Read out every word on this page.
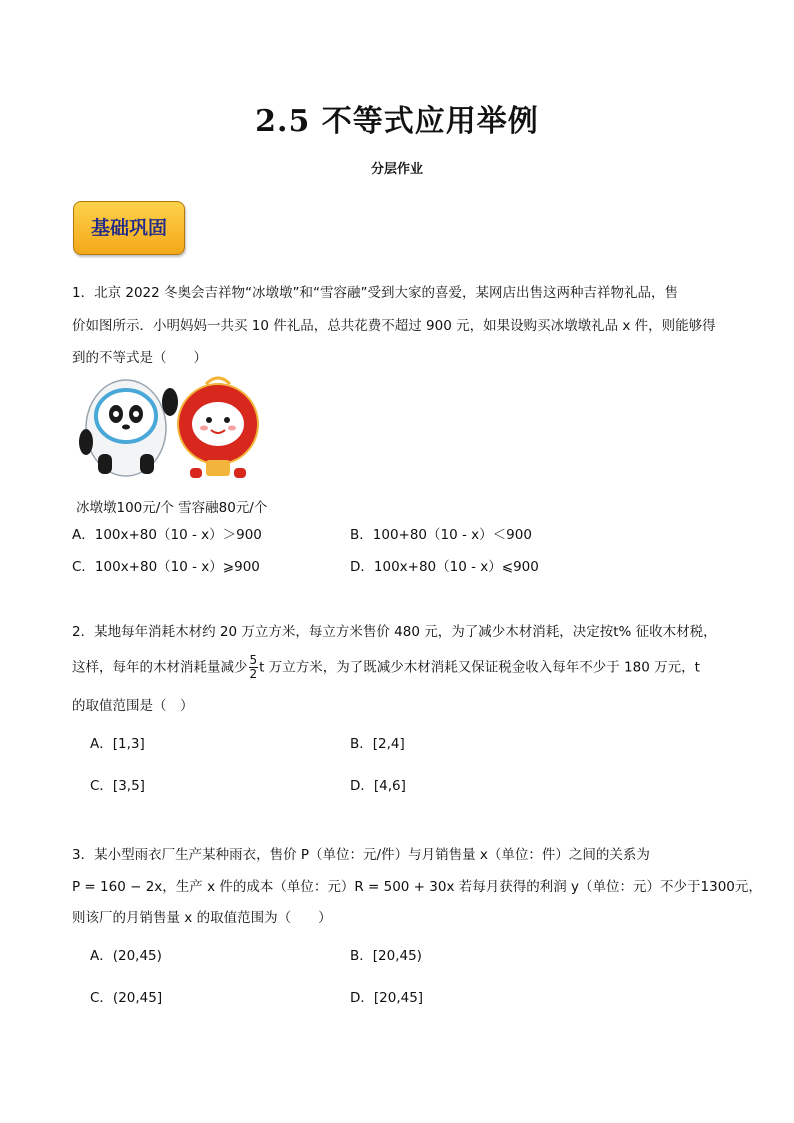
2.5 不等式应用举例
分层作业
基础巩固
1．北京 2022 冬奥会吉祥物“冰墩墩”和“雪容融”受到大家的喜爱，某网店出售这两种吉祥物礼品，售
价如图所示．小明妈妈一共买 10 件礼品，总共花费不超过 900 元，如果设购买冰墩墩礼品 x 件，则能够得
到的不等式是（　　）
冰墩墩100元/个 雪容融80元/个
A．100x+80（10 - x）＞900	B．100+80（10 - x）＜900
C．100x+80（10 - x）⩾900	D．100x+80（10 - x）⩽900
2．某地每年消耗木材约 20 万立方米，每立方米售价 480 元，为了减少木材消耗，决定按t% 征收木材税，
这样，每年的木材消耗量减少 $\frac{5}{2}$ t 万立方米，为了既减少木材消耗又保证税金收入每年不少于 180 万元，t
的取值范围是（　）
A．[1,3]	B．[2,4]
C．[3,5]	D．[4,6]
3．某小型雨衣厂生产某种雨衣，售价 P（单位：元/件）与月销售量 x（单位：件）之间的关系为
P = 160 − 2x，生产 x 件的成本（单位：元）R = 500 + 30x 若每月获得的利润 y（单位：元）不少于1300元，
则该厂的月销售量 x 的取值范围为（　　）
A．(20,45)	B．[20,45)
C．(20,45]	D．[20,45]
